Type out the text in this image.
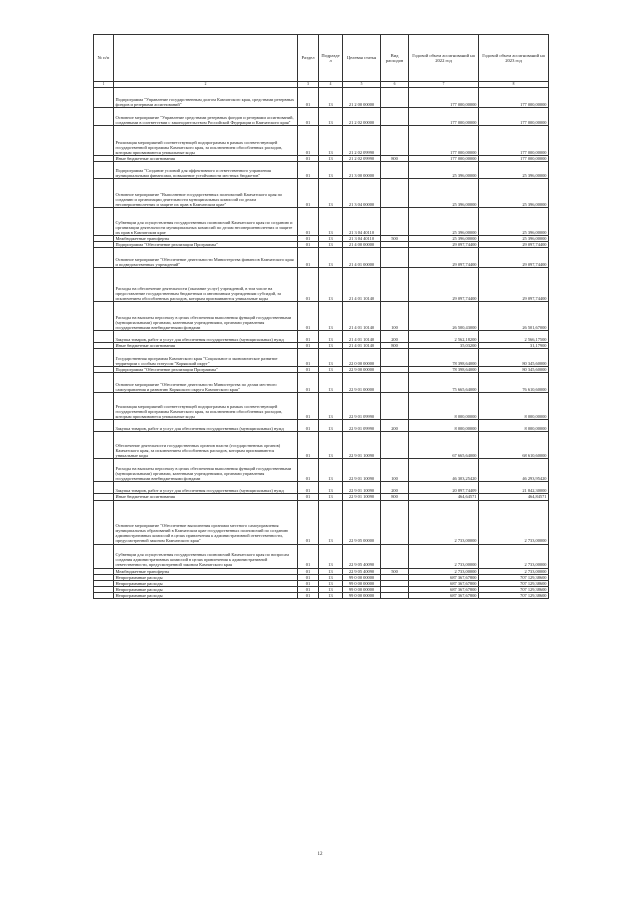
№ п/п		Раздел	Подраздел	Целевая статья	Вид расходов	Годовой объем ассигнований на 2022 год	Годовой объем ассигнований на 2023 год
1	2	3	4	5	6	7	8
	Подпрограмма "Управление государственным долгом Камчатского края, средствами резервных фондов и резервами ассигнований"	01	13	21 2 00 00000		177 000,00000	177 000,00000
	Основное мероприятие "Управление средствами резервных фондов и резервами ассигнований, созданными в соответствии с законодательством Российской Федерации и Камчатского края"	01	13	21 2 02 00000		177 000,00000	177 000,00000
	Реализация мероприятий соответствующей подпрограммы в рамках соответствующей государственной программы Камчатского края, за исключением обособленных расходов, которым присваиваются уникальные коды	01	13	21 2 02 09990		177 000,00000	177 000,00000
	Иные бюджетные ассигнования	01	13	21 2 02 09990	800	177 000,00000	177 000,00000
	Подпрограмма "Создание условий для эффективного и ответственного управления муниципальными финансами, повышение устойчивости местных бюджетов"	01	13	21 3 00 00000		25 396,00000	25 396,00000
	Основное мероприятие "Выполнение государственных полномочий Камчатского края по созданию и организации деятельности муниципальных комиссий по делам несовершеннолетних и защите их прав в Камчатском крае"	01	13	21 3 04 00000		25 396,00000	25 396,00000
	Субвенции для осуществления государственных полномочий Камчатского края по созданию и организации деятельности муниципальных комиссий по делам несовершеннолетних и защите их прав в Камчатском крае	01	13	21 3 04 40110		25 396,00000	25 396,00000
	Межбюджетные трансферты	01	13	21 3 04 40110	500	25 396,00000	25 396,00000
	Подпрограмма "Обеспечение реализации Программы"	01	13	21 4 00 00000		29 097,74400	29 097,74400
	Основное мероприятие "Обеспечение деятельности Министерства финансов Камчатского края и подведомственных учреждений"	01	13	21 4 01 00000		29 097,74400	29 097,74400
	Расходы на обеспечение деятельности (оказание услуг) учреждений, в том числе на предоставление государственным бюджетным и автономным учреждениям субсидий, за исключением обособленных расходов, которым присваиваются уникальные коды	01	13	21 4 01 10140		29 097,74400	29 097,74400
	Расходы на выплаты персоналу в целях обеспечения выполнения функций государственными (муниципальными) органами, казенными учреждениями, органами управления государственными внебюджетными фондами	01	13	21 4 01 10140	100	26 500,43000	26 501,67000
	Закупка товаров, работ и услуг для обеспечения государственных (муниципальных) нужд	01	13	21 4 01 10140	200	2 562,18200	2 566,17500
	Иные бюджетные ассигнования	01	13	21 4 01 10140	800	35,03200	31,17900
	Государственная программа Камчатского края "Социальное и экономическое развитие территории с особым статусом "Корякский округ"	01	13	22 0 00 00000		78 398,64000	80 345,60000
	Подпрограмма "Обеспечение реализации Программы"	01	13	22 9 00 00000		78 398,64000	80 345,60000
	Основное мероприятие "Обеспечение деятельности Министерства по делам местного самоуправления и развитию Корякского округа Камчатского края"	01	13	22 9 01 00000		75 665,64000	76 610,60000
	Реализация мероприятий соответствующей подпрограммы в рамках соответствующей государственной программы Камчатского края, за исключением обособленных расходов, которым присваиваются уникальные коды	01	13	22 9 01 09990		8 000,00000	8 000,00000
	Закупка товаров, работ и услуг для обеспечения государственных (муниципальных) нужд	01	13	22 9 01 09990	200	8 000,00000	8 000,00000
	Обеспечение деятельности государственных органов власти (государственных органов) Камчатского края, за исключением обособленных расходов, которым присваиваются уникальные коды	01	13	22 9 01 10090		67 665,64000	68 610,60000
	Расходы на выплаты персоналу в целях обеспечения выполнения функций государственными (муниципальными) органами, казенными учреждениями, органами управления государственными внебюджетными фондами	01	13	22 9 01 10090	100	46 303,25420	46 293,95420
	Закупка товаров, работ и услуг для обеспечения государственных (муниципальных) нужд	01	13	22 9 01 10090	200	20 897,74409	21 842,30000
	Иные бюджетные ассигнования	01	13	22 9 01 10090	800	464,64571	464,84571
	Основное мероприятие "Обеспечение выполнения органами местного самоуправления муниципальных образований в Камчатском крае государственных полномочий по созданию административных комиссий в целях привлечения к административной ответственности, предусмотренной законом Камчатского края"	01	13	22 9 05 00000		2 733,00000	2 733,00000
	Субвенции для осуществления государственных полномочий Камчатского края по вопросам создания административных комиссий в целях привлечения к административной ответственности, предусмотренной законом Камчатского края	01	13	22 9 05 40090		2 733,00000	2 733,00000
	Межбюджетные трансферты	01	13	22 9 05 40090	500	2 733,00000	2 733,00000
	Непрограммные расходы	01	13	99 0 00 00000		687 367,67800	707 129,38600
	Непрограммные расходы	01	13	99 0 00 00000		687 367,67800	707 129,38600
	Непрограммные расходы	01	13	99 0 00 00000		687 367,67800	707 129,38600
	Непрограммные расходы	01	13	99 0 00 00000		687 367,67800	707 129,38600
12
